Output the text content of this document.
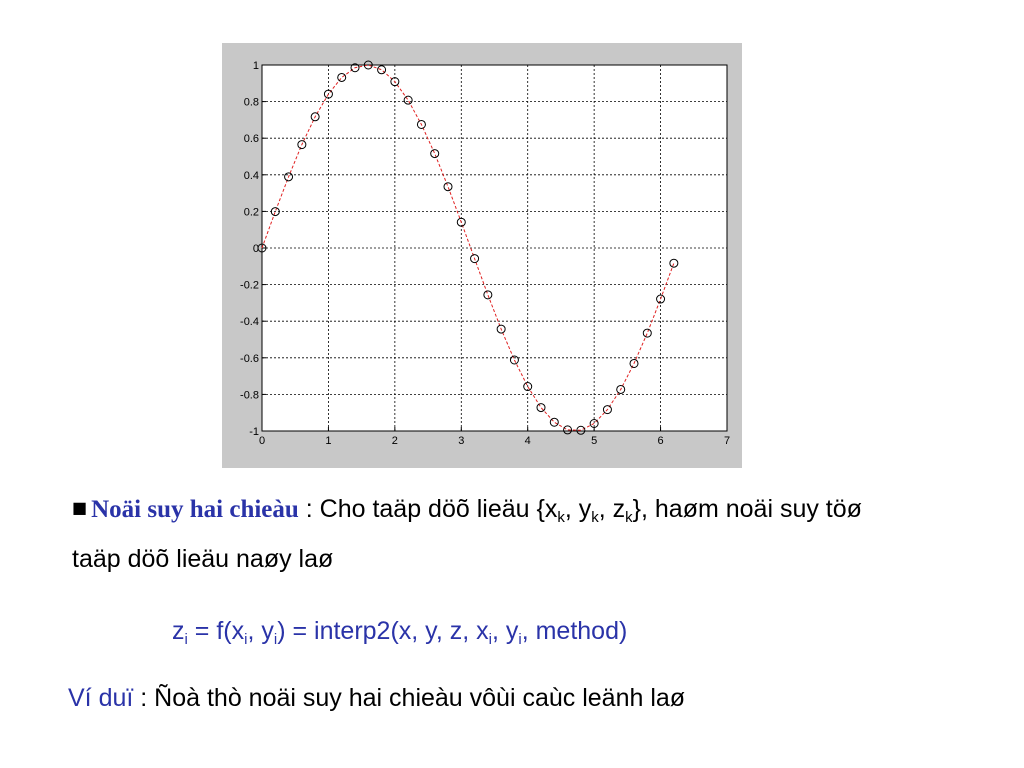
0	1	2	3	4	5	6	7
-1
-0.8
-0.6
-0.4
-0.2
0
0.2
0.4
0.6
0.8
1
■ Noäi suy hai chieàu : Cho taäp döõ lieäu {$x_k$, $y_k$, $z_k$}, haøm noäi suy töø
taäp döõ lieäu naøy laø
$z_i = f(x_i$, $y_i$) = interp2(x, y, z, $x_i$, $y_i$, method)
Ví duï : Ñoà thò noäi suy hai chieàu vôùi caùc leänh laø
